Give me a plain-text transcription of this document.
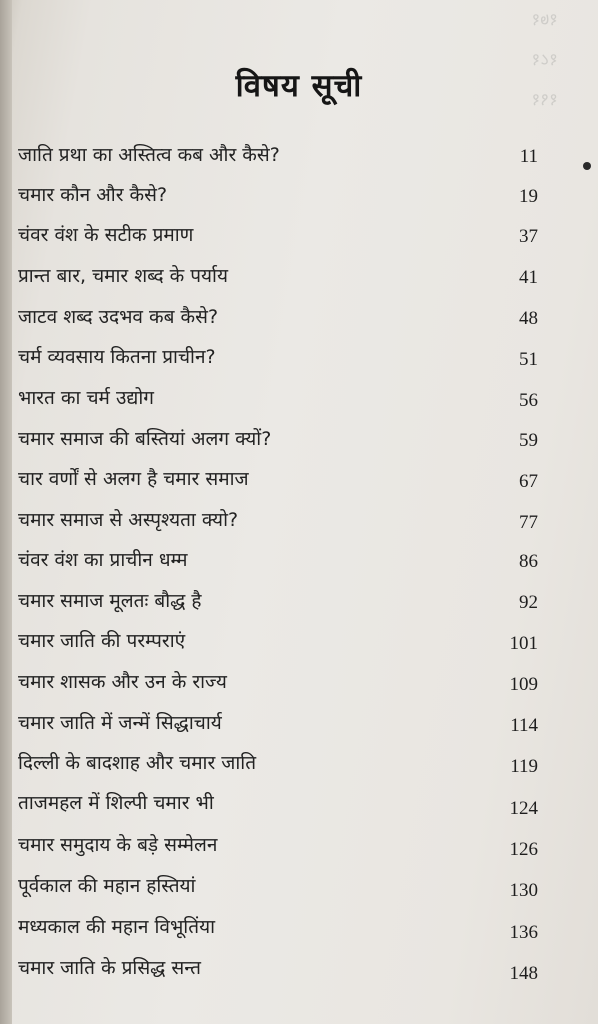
१७१
१८१
१९१
विषय सूची
जाति प्रथा का अस्तित्व कब और कैसे?	11
चमार कौन और कैसे?	19
चंवर वंश के सटीक प्रमाण	37
प्रान्त बार, चमार शब्द के पर्याय	41
जाटव शब्द उदभव कब कैसे?	48
चर्म व्यवसाय कितना प्राचीन?	51
भारत का चर्म उद्योग	56
चमार समाज की बस्तियां अलग क्यों?	59
चार वर्णों से अलग है चमार समाज	67
चमार समाज से अस्पृश्यता क्यो?	77
चंवर वंश का प्राचीन धम्म	86
चमार समाज मूलतः बौद्ध है	92
चमार जाति की परम्पराएं	101
चमार शासक और उन के राज्य	109
चमार जाति में जन्में सिद्धाचार्य	114
दिल्ली के बादशाह और चमार जाति	119
ताजमहल में शिल्पी चमार भी	124
चमार समुदाय के बड़े सम्मेलन	126
पूर्वकाल की महान हस्तियां	130
मध्यकाल की महान विभूतिंया	136
चमार जाति के प्रसिद्ध सन्त	148
